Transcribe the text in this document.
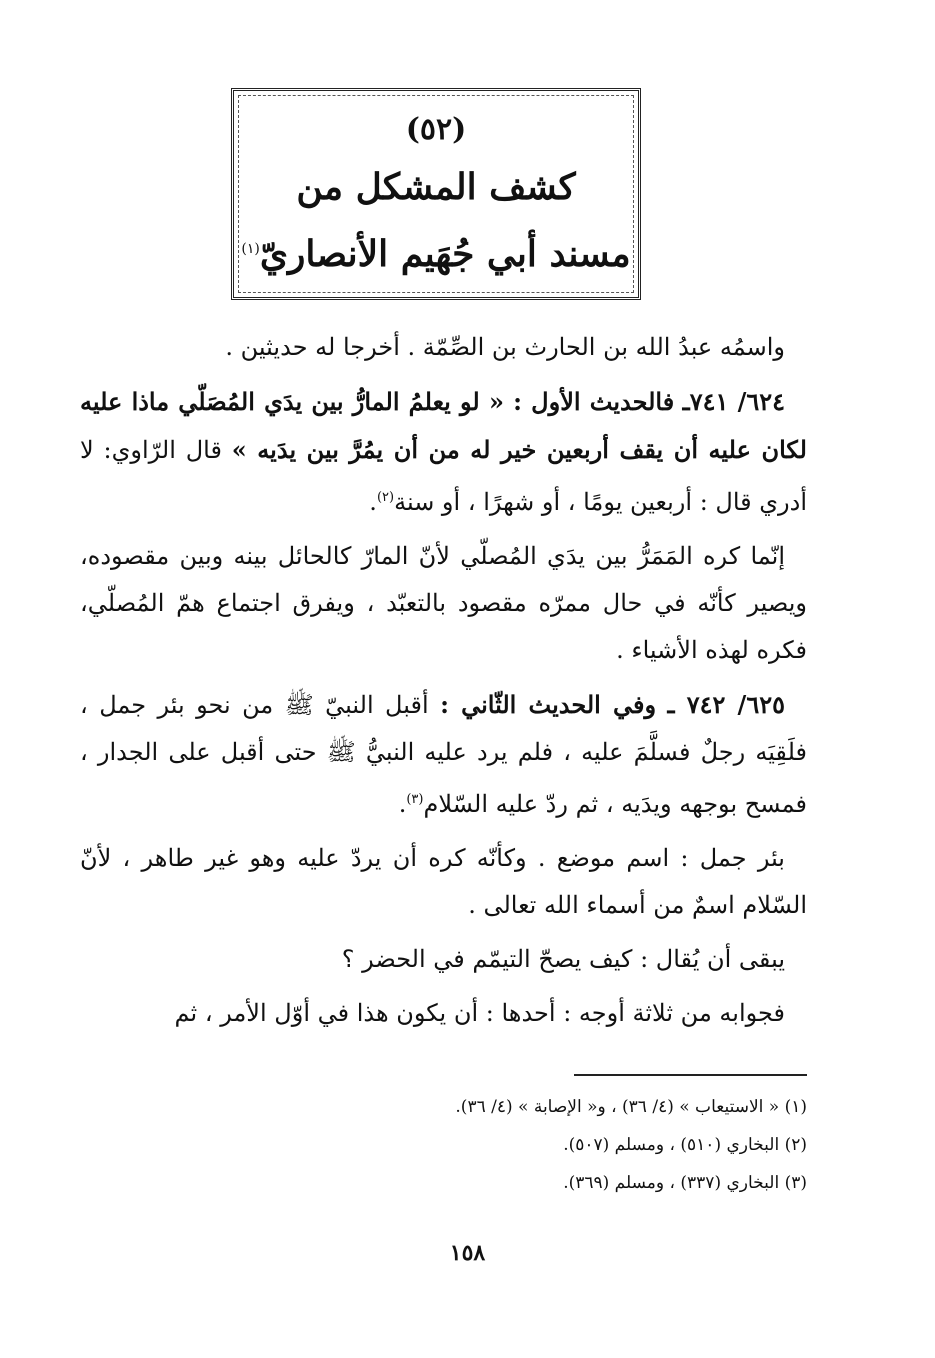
(٥٢)
كشف المشكل من
مسند أبي جُهَيم الأنصاريّ$^{(١)}$

واسمُه عبدُ الله بن الحارث بن الصِّمّة . أخرجا له حديثين .

٦٢٤/ ٧٤١ـ فالحديث الأول : « لو يعلمُ المارُّ بين يدَي المُصَلّي ماذا عليه لكان عليه أن يقف أربعين خير له من أن يمُرَّ بين يدَيه » قال الرّاوي: لا أدري قال : أربعين يومًا ، أو شهرًا ، أو سنة$^{(٢)}$.

إنّما كره المَمَرُّ بين يدَي المُصلّي لأنّ المارّ كالحائل بينه وبين مقصوده، ويصير كأنّه في حال ممرّه مقصود بالتعبّد ، ويفرق اجتماع همّ المُصلّي، فكره لهذه الأشياء .

٦٢٥/ ٧٤٢ ـ وفي الحديث الثّاني : أقبل النبيّ ﷺ من نحو بئر جمل ، فلَقِيَه رجلٌ فسلَّمَ عليه ، فلم يرد عليه النبيُّ ﷺ حتى أقبل على الجدار ، فمسح بوجهه ويدَيه ، ثم ردّ عليه السّلام$^{(٣)}$.

بئر جمل : اسم موضع . وكأنّه كره أن يردّ عليه وهو غير طاهر ، لأنّ السّلام اسمٌ من أسماء الله تعالى .

يبقى أن يُقال : كيف يصحّ التيمّم في الحضر ؟

فجوابه من ثلاثة أوجه : أحدها : أن يكون هذا في أوّل الأمر ، ثم

(١) « الاستيعاب » (٤/ ٣٦) ، و« الإصابة » (٤/ ٣٦).

(٢) البخاري (٥١٠) ، ومسلم (٥٠٧).

(٣) البخاري (٣٣٧) ، ومسلم (٣٦٩).

١٥٨
